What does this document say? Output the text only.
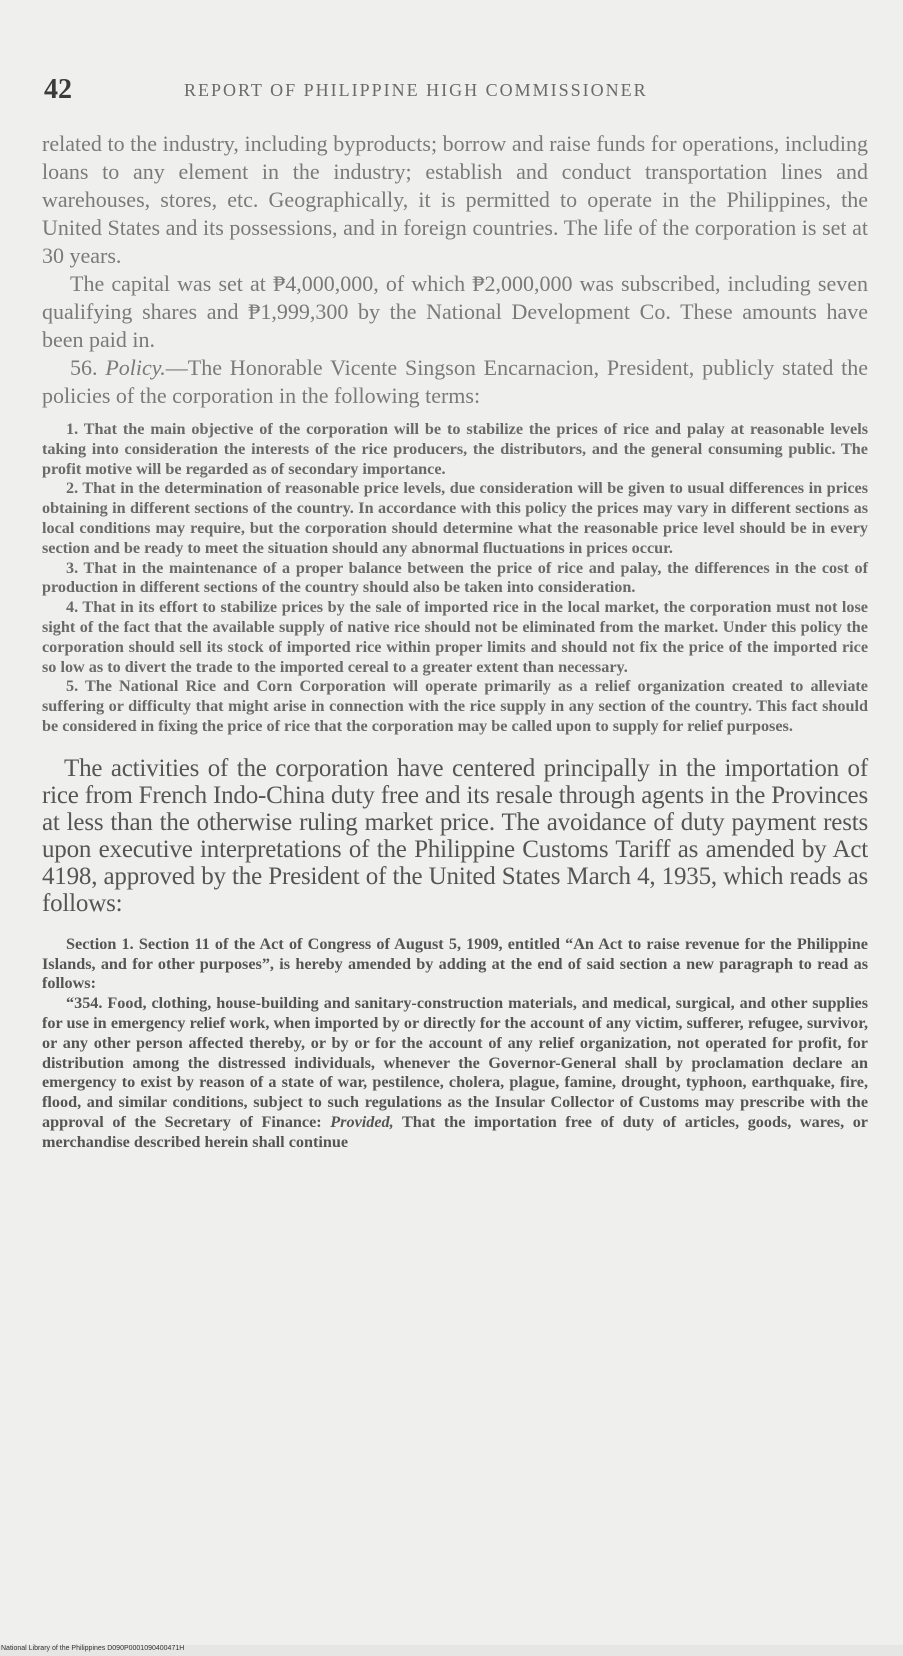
42	REPORT OF PHILIPPINE HIGH COMMISSIONER

related to the industry, including byproducts; borrow and raise funds for operations, including loans to any element in the industry; establish and conduct transportation lines and warehouses, stores, etc. Geographically, it is permitted to operate in the Philippines, the United States and its possessions, and in foreign countries. The life of the corporation is set at 30 years.

The capital was set at ₱4,000,000, of which ₱2,000,000 was subscribed, including seven qualifying shares and ₱1,999,300 by the National Development Co. These amounts have been paid in.

56. Policy.—The Honorable Vicente Singson Encarnacion, President, publicly stated the policies of the corporation in the following terms:

1. That the main objective of the corporation will be to stabilize the prices of rice and palay at reasonable levels taking into consideration the interests of the rice producers, the distributors, and the general consuming public. The profit motive will be regarded as of secondary importance.

2. That in the determination of reasonable price levels, due consideration will be given to usual differences in prices obtaining in different sections of the country. In accordance with this policy the prices may vary in different sections as local conditions may require, but the corporation should determine what the reasonable price level should be in every section and be ready to meet the situation should any abnormal fluctuations in prices occur.

3. That in the maintenance of a proper balance between the price of rice and palay, the differences in the cost of production in different sections of the country should also be taken into consideration.

4. That in its effort to stabilize prices by the sale of imported rice in the local market, the corporation must not lose sight of the fact that the available supply of native rice should not be eliminated from the market. Under this policy the corporation should sell its stock of imported rice within proper limits and should not fix the price of the imported rice so low as to divert the trade to the imported cereal to a greater extent than necessary.

5. The National Rice and Corn Corporation will operate primarily as a relief organization created to alleviate suffering or difficulty that might arise in connection with the rice supply in any section of the country. This fact should be considered in fixing the price of rice that the corporation may be called upon to supply for relief purposes.

The activities of the corporation have centered principally in the importation of rice from French Indo-China duty free and its resale through agents in the Provinces at less than the otherwise ruling market price. The avoidance of duty payment rests upon executive interpretations of the Philippine Customs Tariff as amended by Act 4198, approved by the President of the United States March 4, 1935, which reads as follows:

Section 1. Section 11 of the Act of Congress of August 5, 1909, entitled “An Act to raise revenue for the Philippine Islands, and for other purposes”, is hereby amended by adding at the end of said section a new paragraph to read as follows:

“354. Food, clothing, house-building and sanitary-construction materials, and medical, surgical, and other supplies for use in emergency relief work, when imported by or directly for the account of any victim, sufferer, refugee, survivor, or any other person affected thereby, or by or for the account of any relief organization, not operated for profit, for distribution among the distressed individuals, whenever the Governor-General shall by proclamation declare an emergency to exist by reason of a state of war, pestilence, cholera, plague, famine, drought, typhoon, earthquake, fire, flood, and similar conditions, subject to such regulations as the Insular Collector of Customs may prescribe with the approval of the Secretary of Finance: Provided, That the importation free of duty of articles, goods, wares, or merchandise described herein shall continue

National Library of the Philippines D090P0001090400471H
